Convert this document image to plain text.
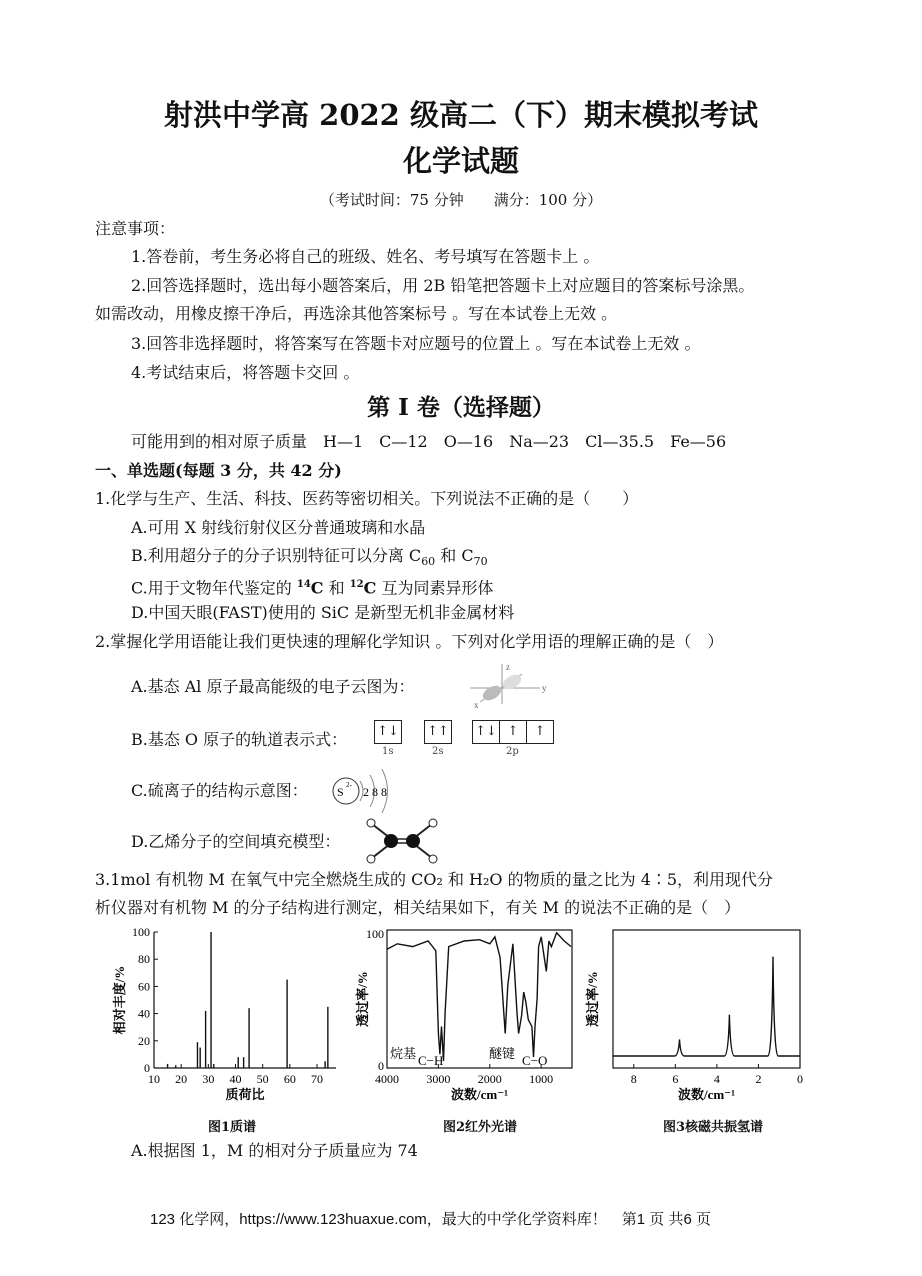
射洪中学高 2022 级高二（下）期末模拟考试
化学试题
（考试时间：75 分钟　　满分：100 分）
注意事项：
1.答卷前，考生务必将自己的班级、姓名、考号填写在答题卡上 。
2.回答选择题时，选出每小题答案后，用 2B 铅笔把答题卡上对应题目的答案标号涂黑。
如需改动，用橡皮擦干净后，再选涂其他答案标号 。写在本试卷上无效 。
3.回答非选择题时，将答案写在答题卡对应题号的位置上 。写在本试卷上无效 。
4.考试结束后，将答题卡交回 。
第 I 卷（选择题）
可能用到的相对原子质量　H—1　C—12　O—16　Na—23　Cl—35.5　Fe—56
一、单选题(每题 3 分，共 42 分)
1.化学与生产、生活、科技、医药等密切相关。下列说法不正确的是（　　）
A.可用 X 射线衍射仪区分普通玻璃和水晶
B.利用超分子的分子识别特征可以分离 $C_{60}$ 和 $C_{70}$
C.用于文物年代鉴定的 $^{14}$C 和 $^{12}$C 互为同素异形体
D.中国天眼(FAST)使用的 SiC 是新型无机非金属材料
2.掌握化学用语能让我们更快速的理解化学知识 。下列对化学用语的理解正确的是（　）
A.基态 Al 原子最高能级的电子云图为：
z
y
x
B.基态 O 原子的轨道表示式： ↑↓ ↑↑ ↑↓ ↑	↑
1s	2s	2p
C.硫离子的结构示意图： S 2- 2 8 8
D.乙烯分子的空间填充模型：
3.1mol 有机物 M 在氧气中完全燃烧生成的 CO₂ 和 H₂O 的物质的量之比为 4∶5，利用现代分
析仪器对有机物 M 的分子结构进行测定，相关结果如下，有关 M 的说法不正确的是（　）
0
20
40
60
80
100
10 20 30 40 50 60 70
质荷比
相对丰度/%
图1质谱
4000 3000 2000 1000
100
0
烷基 C−H	醚键 C−O
波数/cm⁻¹
透过率/%
图2红外光谱
8	6	4	2	0
波数/cm⁻¹
透过率/%
图3核磁共振氢谱
A.根据图 1，M 的相对分子质量应为 74
123 化学网，https://www.123huaxue.com，最大的中学化学资料库！　第1 页 共6 页
